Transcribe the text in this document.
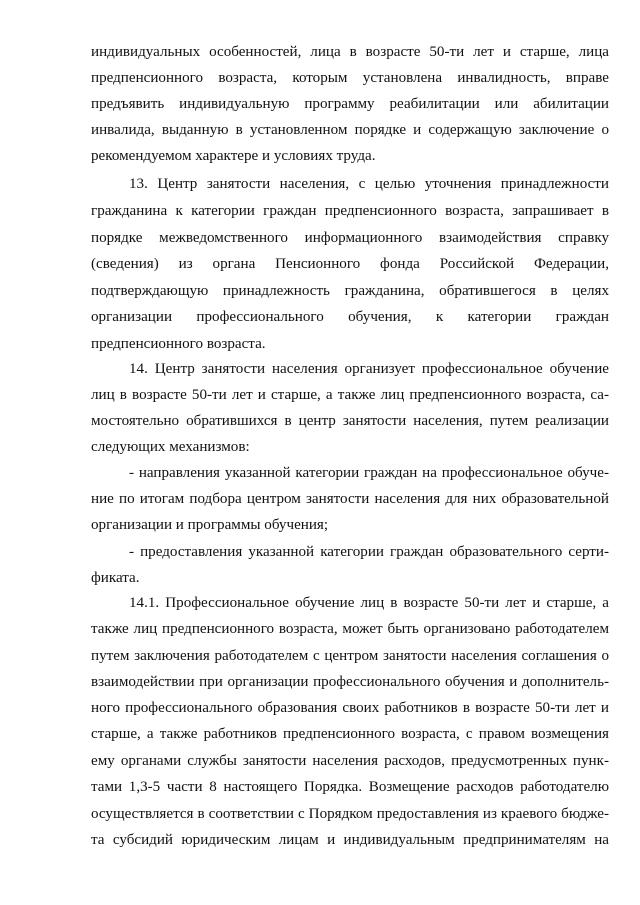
индивидуальных особенностей, лица в возрасте 50-ти лет и старше, лица
предпенсионного возраста, которым установлена инвалидность, вправе
предъявить индивидуальную программу реабилитации или абилитации
инвалида, выданную в установленном порядке и содержащую заключение о
рекомендуемом характере и условиях труда.
13. Центр занятости населения, с целью уточнения принадлежности
гражданина к категории граждан предпенсионного возраста, запрашивает в
порядке межведомственного информационного взаимодействия справку
(сведения) из органа Пенсионного фонда Российской Федерации,
подтверждающую принадлежность гражданина, обратившегося в целях
организации профессионального обучения, к категории граждан
предпенсионного возраста.
14. Центр занятости населения организует профессиональное обучение
лиц в возрасте 50-ти лет и старше, а также лиц предпенсионного возраста, са-
мостоятельно обратившихся в центр занятости населения, путем реализации
следующих механизмов:
- направления указанной категории граждан на профессиональное обуче-
ние по итогам подбора центром занятости населения для них образовательной
организации и программы обучения;
- предоставления указанной категории граждан образовательного серти-
фиката.
14.1. Профессиональное обучение лиц в возрасте 50-ти лет и старше, а
также лиц предпенсионного возраста, может быть организовано работодателем
путем заключения работодателем с центром занятости населения соглашения о
взаимодействии при организации профессионального обучения и дополнитель-
ного профессионального образования своих работников в возрасте 50-ти лет и
старше, а также работников предпенсионного возраста, с правом возмещения
ему органами службы занятости населения расходов, предусмотренных пунк-
тами 1,3-5 части 8 настоящего Порядка. Возмещение расходов работодателю
осуществляется в соответствии с Порядком предоставления из краевого бюдже-
та субсидий юридическим лицам и индивидуальным предпринимателям на
